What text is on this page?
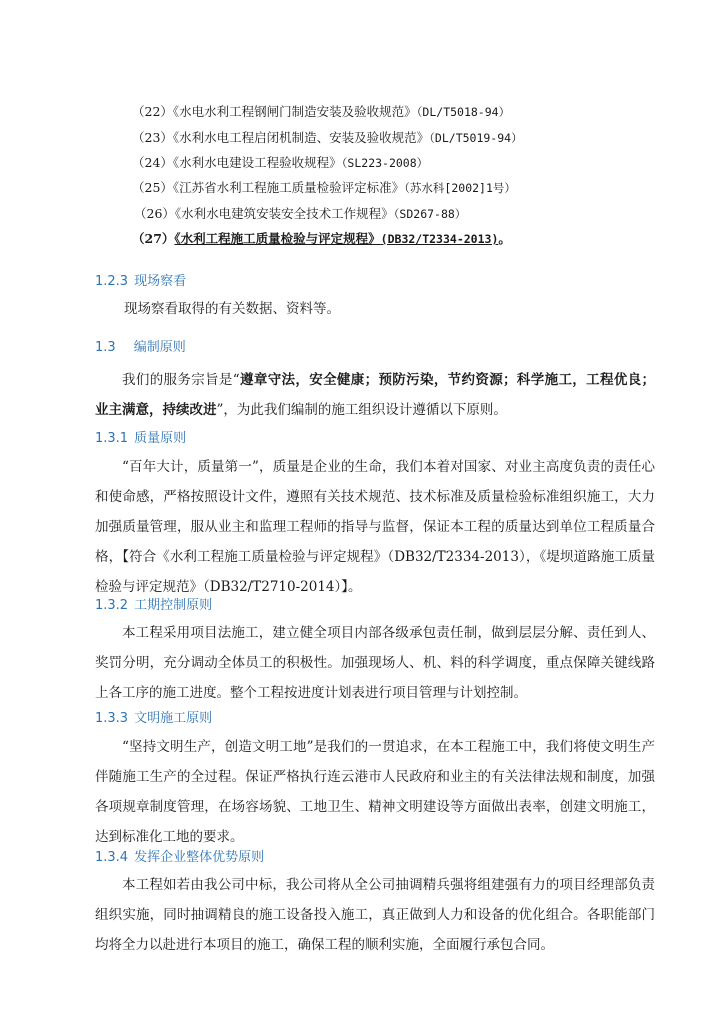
（22）《水电水利工程钢闸门制造安装及验收规范》（DL/T5018-94）
（23）《水利水电工程启闭机制造、安装及验收规范》（DL/T5019-94）
（24）《水利水电建设工程验收规程》（SL223-2008）
（25）《江苏省水利工程施工质量检验评定标准》（苏水科[2002]1号）
（26）《水利水电建筑安装安全技术工作规程》（SD267-88）
（27）《水利工程施工质量检验与评定规程》(DB32/T2334-2013)。
1.2.3 现场察看
现场察看取得的有关数据、资料等。
1.3 编制原则
我们的服务宗旨是“遵章守法，安全健康；预防污染，节约资源；科学施工，工程优良；业主满意，持续改进”，为此我们编制的施工组织设计遵循以下原则。
1.3.1 质量原则
“百年大计，质量第一”，质量是企业的生命，我们本着对国家、对业主高度负责的责任心和使命感，严格按照设计文件，遵照有关技术规范、技术标准及质量检验标准组织施工，大力加强质量管理，服从业主和监理工程师的指导与监督，保证本工程的质量达到单位工程质量合格，【符合《水利工程施工质量检验与评定规程》（DB32/T2334-2013），《堤坝道路施工质量检验与评定规范》（DB32/T2710-2014）】。
1.3.2 工期控制原则
本工程采用项目法施工，建立健全项目内部各级承包责任制，做到层层分解、责任到人、奖罚分明，充分调动全体员工的积极性。加强现场人、机、料的科学调度，重点保障关键线路上各工序的施工进度。整个工程按进度计划表进行项目管理与计划控制。
1.3.3 文明施工原则
“坚持文明生产，创造文明工地”是我们的一贯追求，在本工程施工中，我们将使文明生产伴随施工生产的全过程。保证严格执行连云港市人民政府和业主的有关法律法规和制度，加强各项规章制度管理，在场容场貌、工地卫生、精神文明建设等方面做出表率，创建文明施工，达到标准化工地的要求。
1.3.4 发挥企业整体优势原则
本工程如若由我公司中标，我公司将从全公司抽调精兵强将组建强有力的项目经理部负责组织实施，同时抽调精良的施工设备投入施工，真正做到人力和设备的优化组合。各职能部门均将全力以赴进行本项目的施工，确保工程的顺利实施，全面履行承包合同。
